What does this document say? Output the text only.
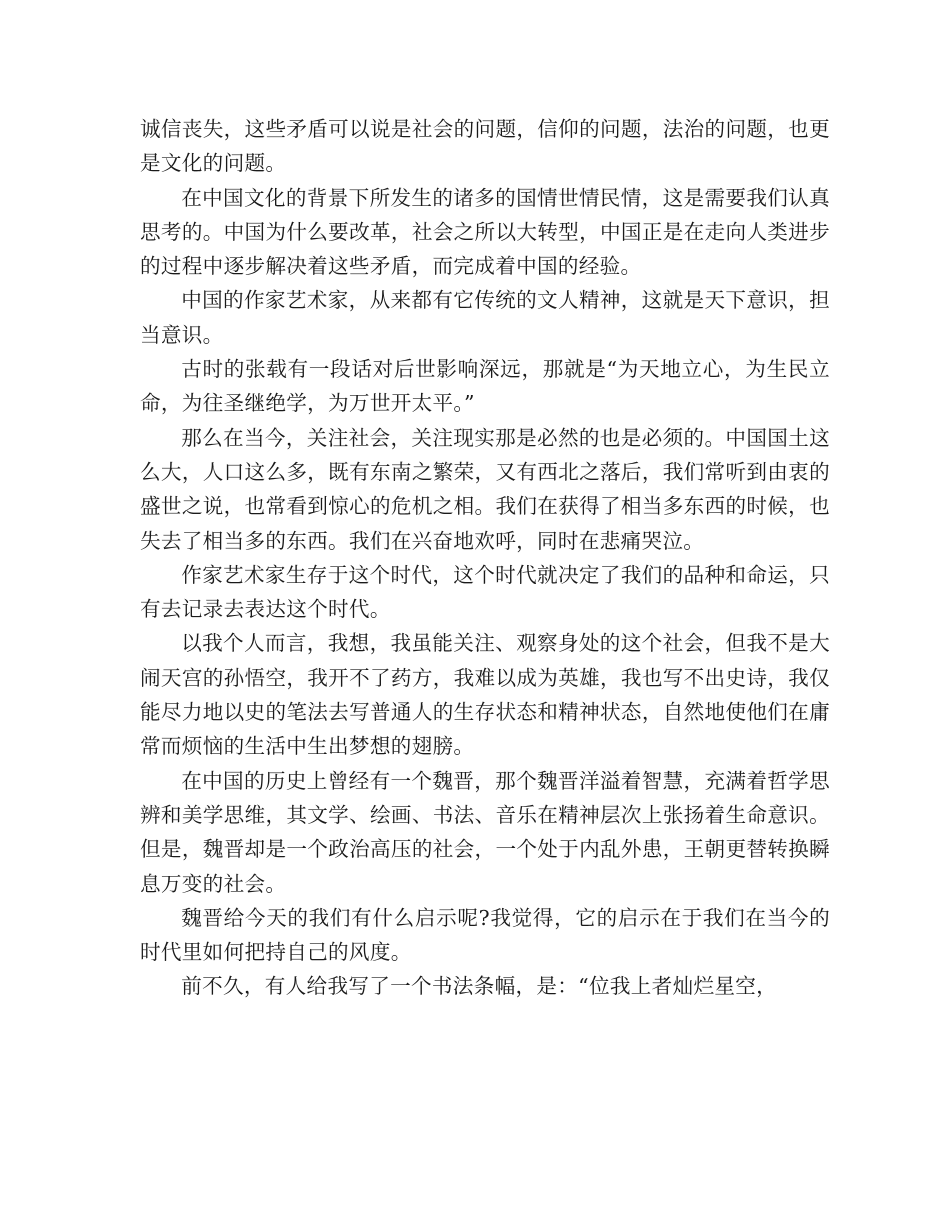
诚信丧失，这些矛盾可以说是社会的问题，信仰的问题，法治的问题，也更是文化的问题。

在中国文化的背景下所发生的诸多的国情世情民情，这是需要我们认真思考的。中国为什么要改革，社会之所以大转型，中国正是在走向人类进步的过程中逐步解决着这些矛盾，而完成着中国的经验。

中国的作家艺术家，从来都有它传统的文人精神，这就是天下意识，担当意识。

古时的张载有一段话对后世影响深远，那就是“为天地立心，为生民立命，为往圣继绝学，为万世开太平。”

那么在当今，关注社会，关注现实那是必然的也是必须的。中国国土这么大，人口这么多，既有东南之繁荣，又有西北之落后，我们常听到由衷的盛世之说，也常看到惊心的危机之相。我们在获得了相当多东西的时候，也失去了相当多的东西。我们在兴奋地欢呼，同时在悲痛哭泣。

作家艺术家生存于这个时代，这个时代就决定了我们的品种和命运，只有去记录去表达这个时代。

以我个人而言，我想，我虽能关注、观察身处的这个社会，但我不是大闹天宫的孙悟空，我开不了药方，我难以成为英雄，我也写不出史诗，我仅能尽力地以史的笔法去写普通人的生存状态和精神状态，自然地使他们在庸常而烦恼的生活中生出梦想的翅膀。

在中国的历史上曾经有一个魏晋，那个魏晋洋溢着智慧，充满着哲学思辨和美学思维，其文学、绘画、书法、音乐在精神层次上张扬着生命意识。但是，魏晋却是一个政治高压的社会，一个处于内乱外患，王朝更替转换瞬息万变的社会。

魏晋给今天的我们有什么启示呢?我觉得，它的启示在于我们在当今的时代里如何把持自己的风度。

前不久，有人给我写了一个书法条幅，是：“位我上者灿烂星空，
